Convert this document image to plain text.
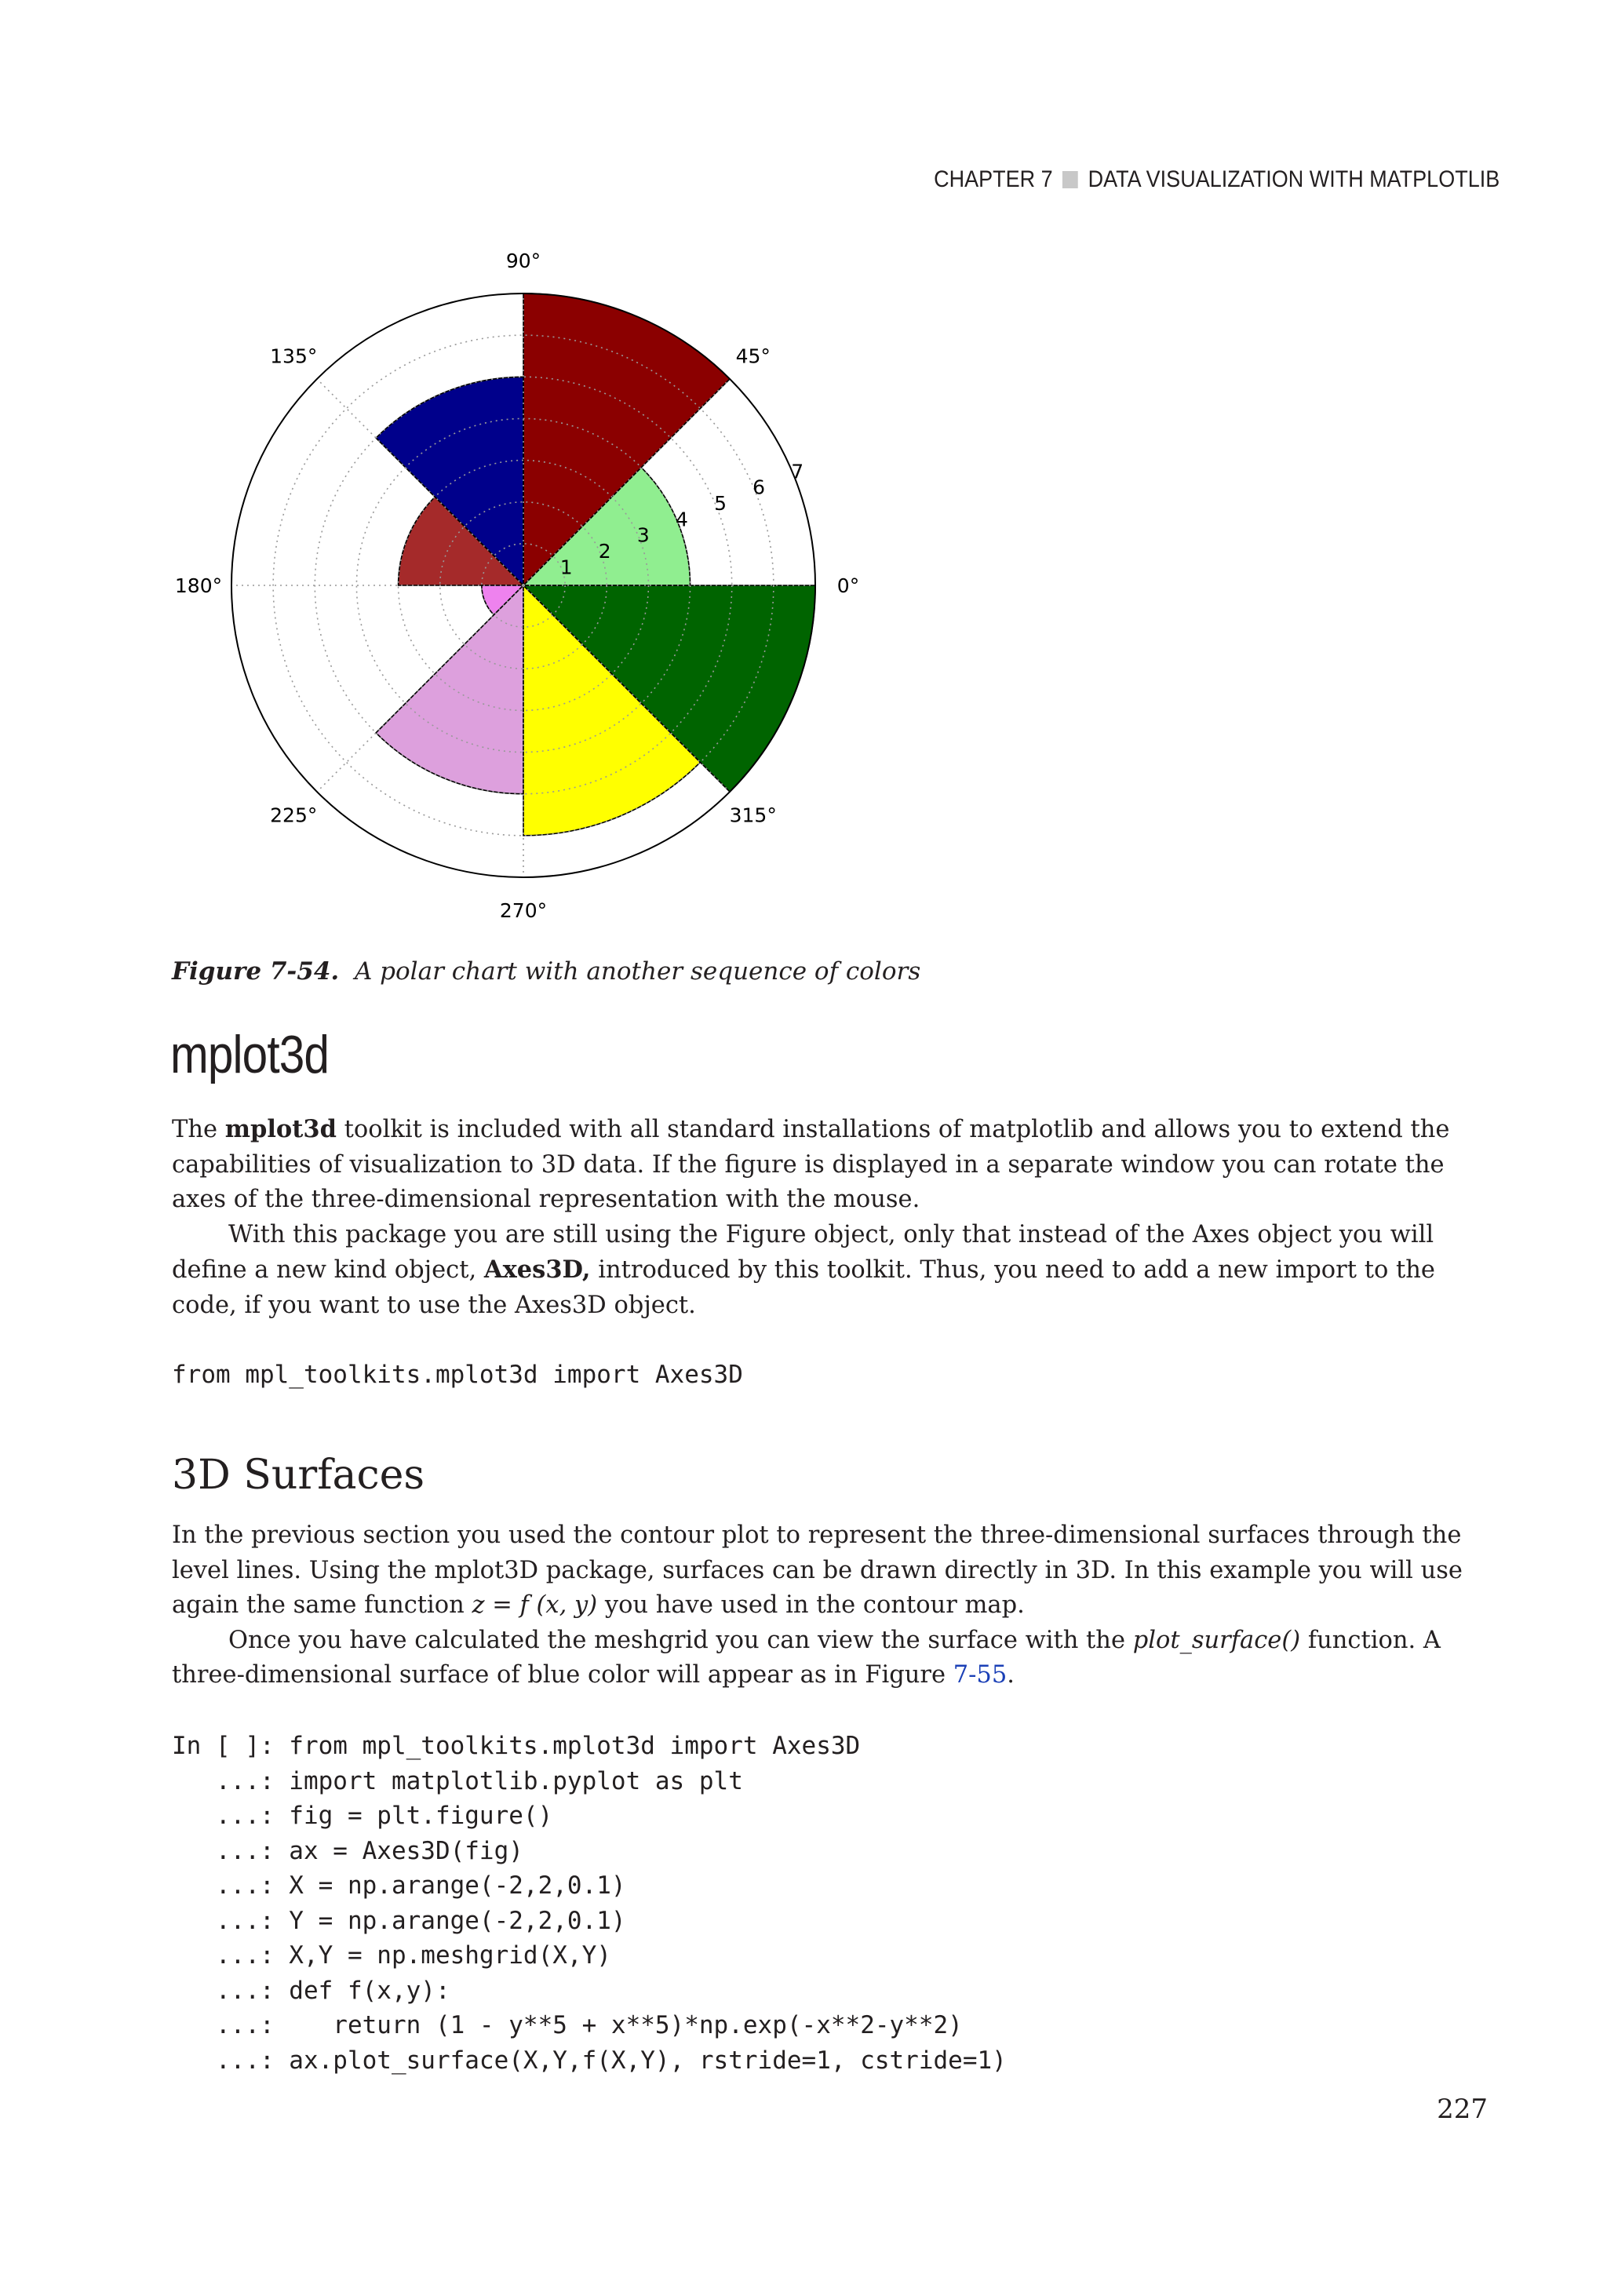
CHAPTER 7 DATA VISUALIZATION WITH MATPLOTLIB
1
2
3
4
5
6
7
0°
45°
90°
135°
180°
225°
270°
315°
Figure 7-54. A polar chart with another sequence of colors
mplot3d

The mplot3d toolkit is included with all standard installations of matplotlib and allows you to extend the capabilities of visualization to 3D data. If the figure is displayed in a separate window you can rotate the axes of the three-dimensional representation with the mouse.

With this package you are still using the Figure object, only that instead of the Axes object you will define a new kind object, Axes3D, introduced by this toolkit. Thus, you need to add a new import to the code, if you want to use the Axes3D object.

from mpl_toolkits.mplot3d import Axes3D
3D Surfaces

In the previous section you used the contour plot to represent the three-dimensional surfaces through the level lines. Using the mplot3D package, surfaces can be drawn directly in 3D. In this example you will use again the same function z = f (x, y) you have used in the contour map.

Once you have calculated the meshgrid you can view the surface with the plot_surface() function. A three-dimensional surface of blue color will appear as in Figure 7-55.

In [ ]: from mpl_toolkits.mplot3d import Axes3D
...: import matplotlib.pyplot as plt
...: fig = plt.figure()
...: ax = Axes3D(fig)
...: X = np.arange(-2,2,0.1)
...: Y = np.arange(-2,2,0.1)
...: X,Y = np.meshgrid(X,Y)
...: def f(x,y):
...:    return (1 - y**5 + x**5)*np.exp(-x**2-y**2)
...: ax.plot_surface(X,Y,f(X,Y), rstride=1, cstride=1)
227
